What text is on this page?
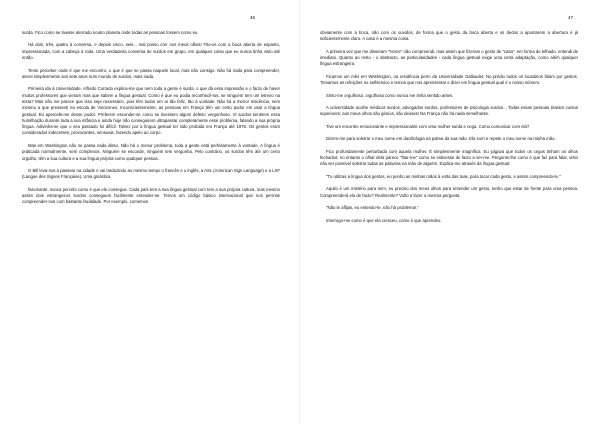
46

surda. Fico como se tivesse aterrado noutro planeta onde todas as pessoas fossem como eu.

Há dois, três, quatro à conversa, e depois cinco, seis... mal posso crer nos meus olhos! Fito-os com a boca aberta de espanto, impressionada, com a cabeça à roda. Uma verdadeira conversa de surdos em grupo, em qualquer coisa que eu nunca tinha visto até então.

Tento perceber onde é que me encontro, o que é que se passa naquele local, mas não consigo. Não há nada para compreender, aterei simplesmente aos sete anos num mundo de surdos, mais nada.

Primeira ida à Universidade. Alfredo Corrado explica-me que nem toda a gente é surda, o que dá essa impressão e o facto de haver muitos professores que vieram mas que sabem a língua gestual. Como é que eu podia reconhecê-los, se ninguém tem um letreiro na testa? Mas não me parece que isso seja necessário, pois têm todos um ar tão feliz, tão à vontade. Não há a menor reticência, nem mesmo a que pressenti na escola de Vincennes. Inconscientemente, as pessoas em França têm um certo pudor em usar a língua gestual. Eu apercebi-me desse pudor. Preferem esconder-se como se tivessem algum defeito vergonhoso. Vi surdos sentirem essa humilhação durante toda a sua infância e ainda hoje não conseguirem ultrapassar completamente esse problema, falando a sua própria língua. Adivinha-se que o seu passado foi difícil. Talvez por a língua gestual ter sido proibida em França até 1976. Os gestos eram considerados indecentes, provocantes, sensuais, fazendo apelo ao corpo.

Mas em Washington não se passa nada disso. Não há o menor problema, toda a gente está perfeitamente à vontade. A língua é praticada normalmente, sem complexos. Ninguém se esconde, ninguém tem vergonha. Pelo contrário, os surdos têm até um certo orgulho, têm a sua cultura e a sua língua própria como qualquer pessoa.

O Bill leva-nos a passear na cidade e vai traduzindo ao mesmo tempo o francês e o inglês, a ASL (American Sign Language) e a LSF (Langue des Signes Française). Uma ginástica

fascinante; nunca percebi como é que ele consegue. Cada país tem a sua língua gestual com tem a sua própria cultura, mas mesmo assim dois estrangeiros surdos conseguem facilmente entender-se. Temos um código básico internacional que nos permite compreender-nos com bastante facilidade. Por exemplo, comemos

47

obviamente com a boca, não com os ouvidos, de forma que o gesto da boca aberta e os dedos a apontarem a abertura é já suficientemente claro. A casa é a mesma coisa.

A primeira vez que me disseram "Home" não compreendi, mas assim que fizeram o gesto de "casa", em forma de telhado, entendi de imediato. Quanto ao resto - o abstracto, as particularidades - cada língua gestual exige uma certa adaptação, como além qualquer língua estrangeira.

Ficamos um mês em Washington, na residência perto da Universidade Gallaudet. No prédio todos os locatários falam por gestos. Tomamos as refeições no selfservice e temos que nos aprensentar e dizer em língua gestual qual é o nosso número.

Sinto-me orgulhosa, orgulhosa como nunca me tinha sentido antes.

A universidade acolhe médicos surdos, advogados surdos, professores de psicologia surdos... Todas essas pessoas tiraram cursos superiores; aos meus olhos são génios, são deuses! Na França não há nada semelhante.

Tive um encontro emocionante e impressionante com uma mulher surda e cega. Como comunicar com ela?

Dizem-me para soletrar o meu nome em dactilologia na palma da sua mão. Ela sorri e repete o meu nome na minha mão.

Fico profundamente perturbada com aquela mulher. É simplesmente magnífica. Eu julgava que todos os cegos tinham os olhos fechados; no entanto o olhar dela parece "fitar-me" como se estivesse de facto a ver-me. Pergunto-lhe como é que faz para falar, visto não ser possível soletrar todas as palavras na mão de alguém. Explica-me através da língua gestual:

"Tu utilizas a língua dos gestos, eu ponho as minhas mãos à volta das tuas, para tocar cada gesto, e assim compreendo-te."

Aquilo é um mistério para mim; eu preciso dos meus olhos para entender um gesto, tenho que estar de frente para uma pessoa. Compreenderá ela de facto? Realmente? Volto a fazer a mesma pergunta.

"Não te aflijas, eu entendo-te, não há problema!."

Interrogo-me como é que ela cresceu, como é que aprendeu.
